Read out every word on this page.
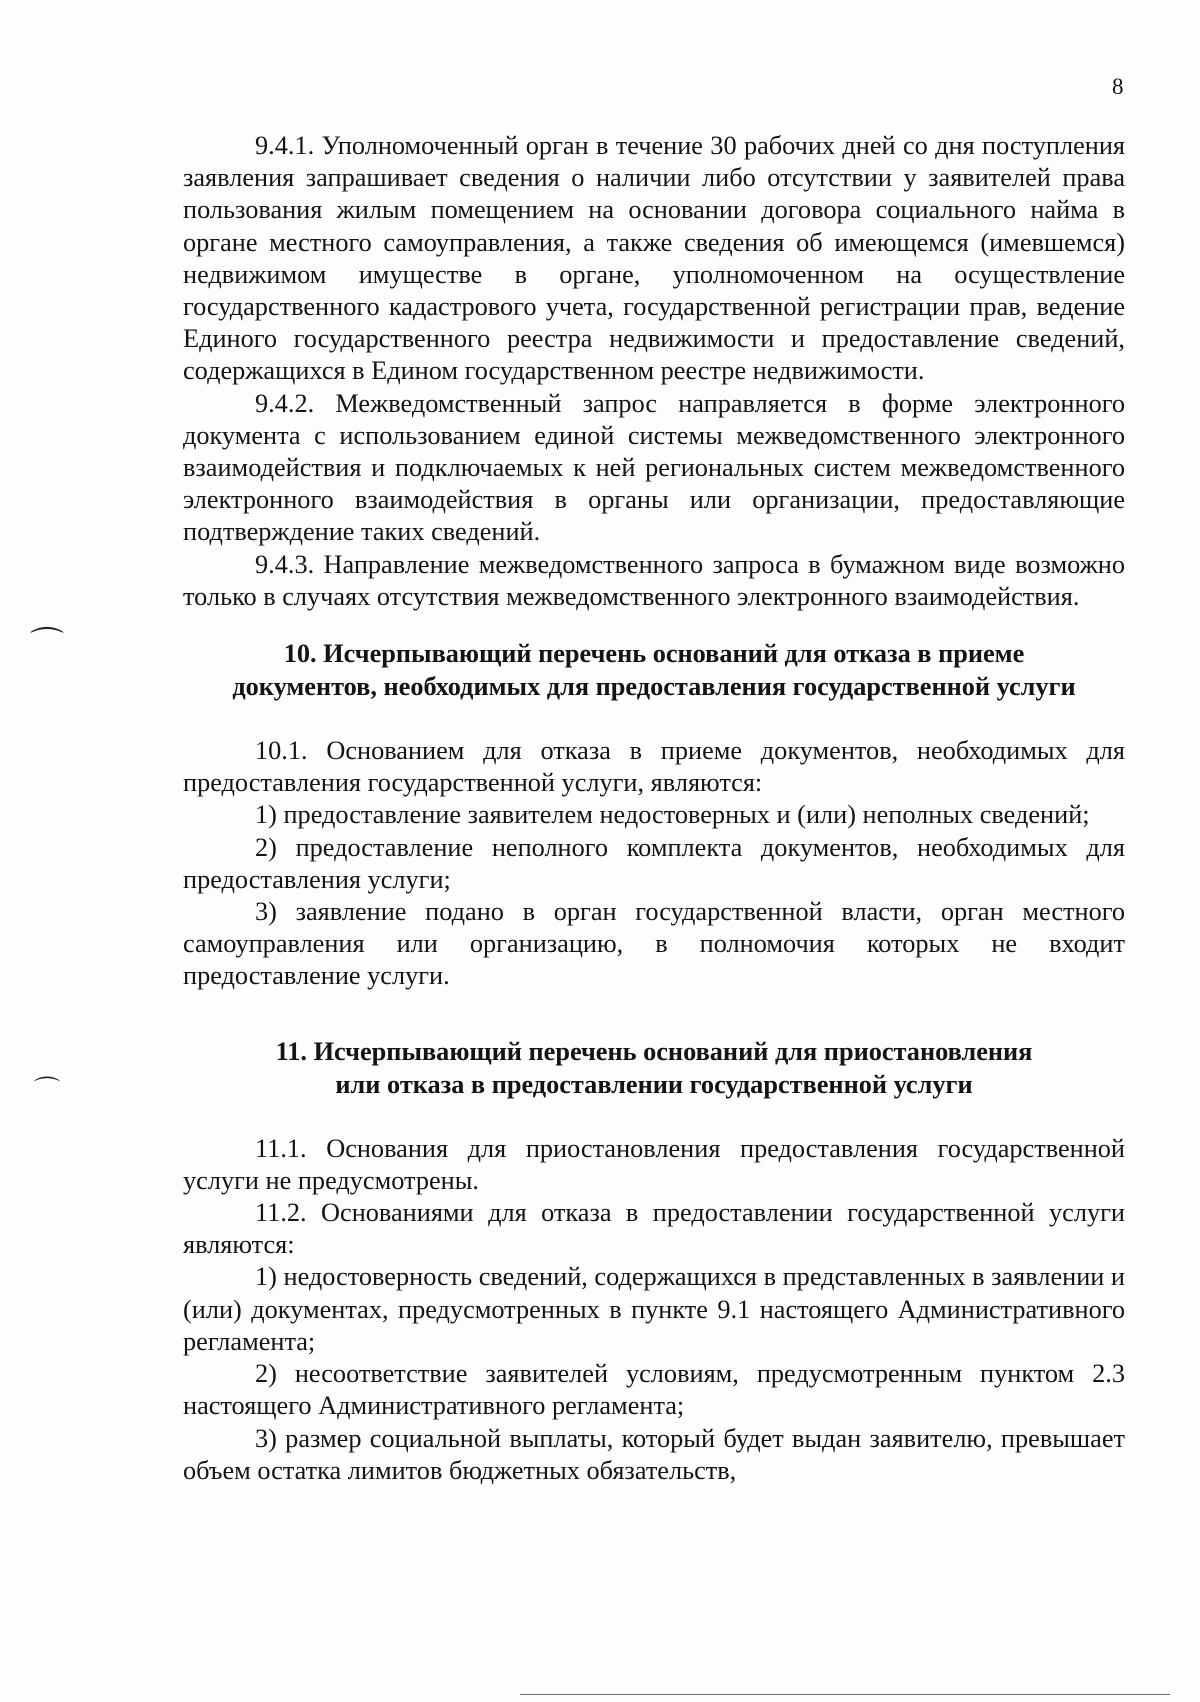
8
⌒
⌒

9.4.1. Уполномоченный орган в течение 30 рабочих дней со дня поступления заявления запрашивает сведения о наличии либо отсутствии у заявителей права пользования жилым помещением на основании договора социального найма в органе местного самоуправления, а также сведения об имеющемся (имевшемся) недвижимом имуществе в органе, уполномоченном на осуществление государственного кадастрового учета, государственной регистрации прав, ведение Единого государственного реестра недвижимости и предоставление сведений, содержащихся в Едином государственном реестре недвижимости.

9.4.2. Межведомственный запрос направляется в форме электронного документа с использованием единой системы межведомственного электронного взаимодействия и подключаемых к ней региональных систем межведомственного электронного взаимодействия в органы или организации, предоставляющие подтверждение таких сведений.

9.4.3. Направление межведомственного запроса в бумажном виде возможно только в случаях отсутствия межведомственного электронного взаимодействия.

10. Исчерпывающий перечень оснований для отказа в приеме
документов, необходимых для предоставления государственной услуги

10.1. Основанием для отказа в приеме документов, необходимых для предоставления государственной услуги, являются:

1) предоставление заявителем недостоверных и (или) неполных сведений;

2) предоставление неполного комплекта документов, необходимых для предоставления услуги;

3) заявление подано в орган государственной власти, орган местного самоуправления или организацию, в полномочия которых не входит предоставление услуги.

11. Исчерпывающий перечень оснований для приостановления
или отказа в предоставлении государственной услуги

11.1. Основания для приостановления предоставления государственной услуги не предусмотрены.

11.2. Основаниями для отказа в предоставлении государственной услуги являются:

1) недостоверность сведений, содержащихся в представленных в заявлении и (или) документах, предусмотренных в пункте 9.1 настоящего Административного регламента;

2) несоответствие заявителей условиям, предусмотренным пунктом 2.3 настоящего Административного регламента;

3) размер социальной выплаты, который будет выдан заявителю, превышает объем остатка лимитов бюджетных обязательств,
